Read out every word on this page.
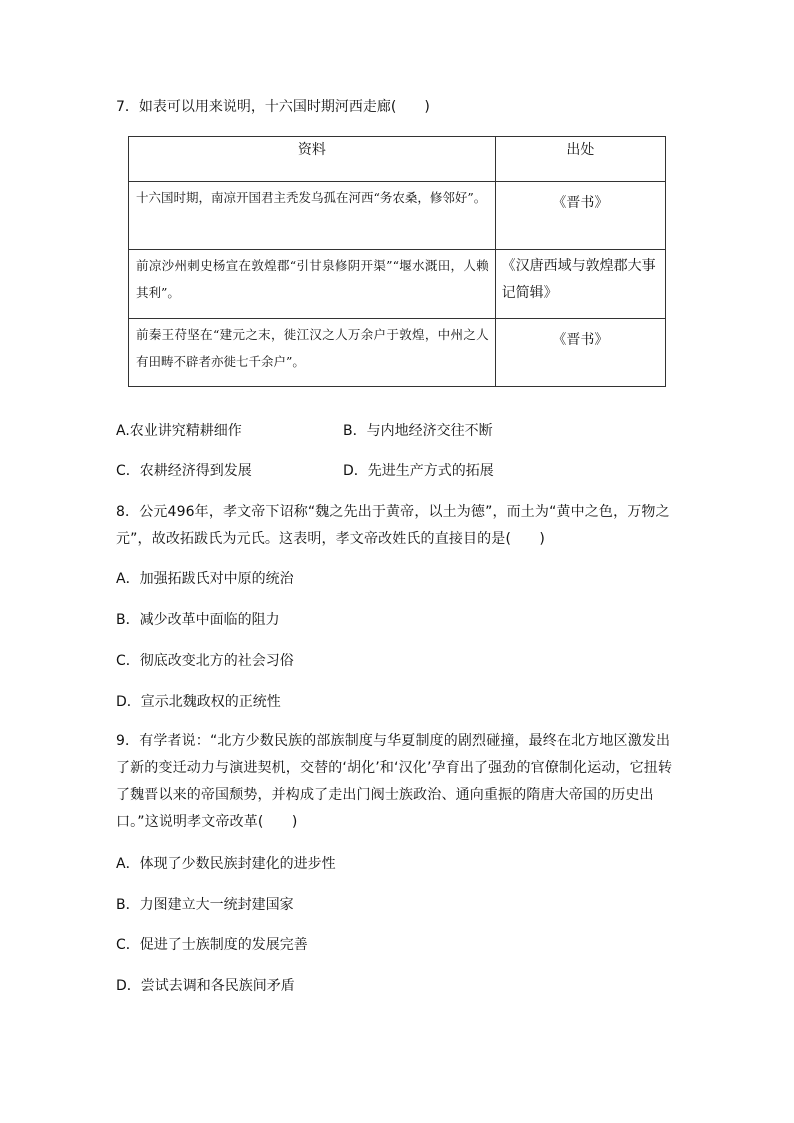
7．如表可以用来说明，十六国时期河西走廊(　　)
资料	出处
十六国时期，南凉开国君主秃发乌孤在河西“务农桑，修邻好”。	《晋书》
前凉沙州刺史杨宣在敦煌郡“引甘泉修阴开渠”“堰水溉田，人赖其利”。	《汉唐西域与敦煌郡大事记简辑》
前秦王苻坚在“建元之末，徙江汉之人万余户于敦煌，中州之人有田畴不辟者亦徙七千余户”。	《晋书》
A.农业讲究精耕细作	B．与内地经济交往不断
C．农耕经济得到发展	D．先进生产方式的拓展
8．公元496年，孝文帝下诏称“魏之先出于黄帝，以土为德”，而土为“黄中之色，万物之元”，故改拓跋氏为元氏。这表明，孝文帝改姓氏的直接目的是(　　)
A．加强拓跋氏对中原的统治
B．减少改革中面临的阻力
C．彻底改变北方的社会习俗
D．宣示北魏政权的正统性
9．有学者说：“北方少数民族的部族制度与华夏制度的剧烈碰撞，最终在北方地区激发出了新的变迁动力与演进契机，交替的‘胡化’和‘汉化’孕育出了强劲的官僚制化运动，它扭转了魏晋以来的帝国颓势，并构成了走出门阀士族政治、通向重振的隋唐大帝国的历史出口。”这说明孝文帝改革(　　)
A．体现了少数民族封建化的进步性
B．力图建立大一统封建国家
C．促进了士族制度的发展完善
D．尝试去调和各民族间矛盾
